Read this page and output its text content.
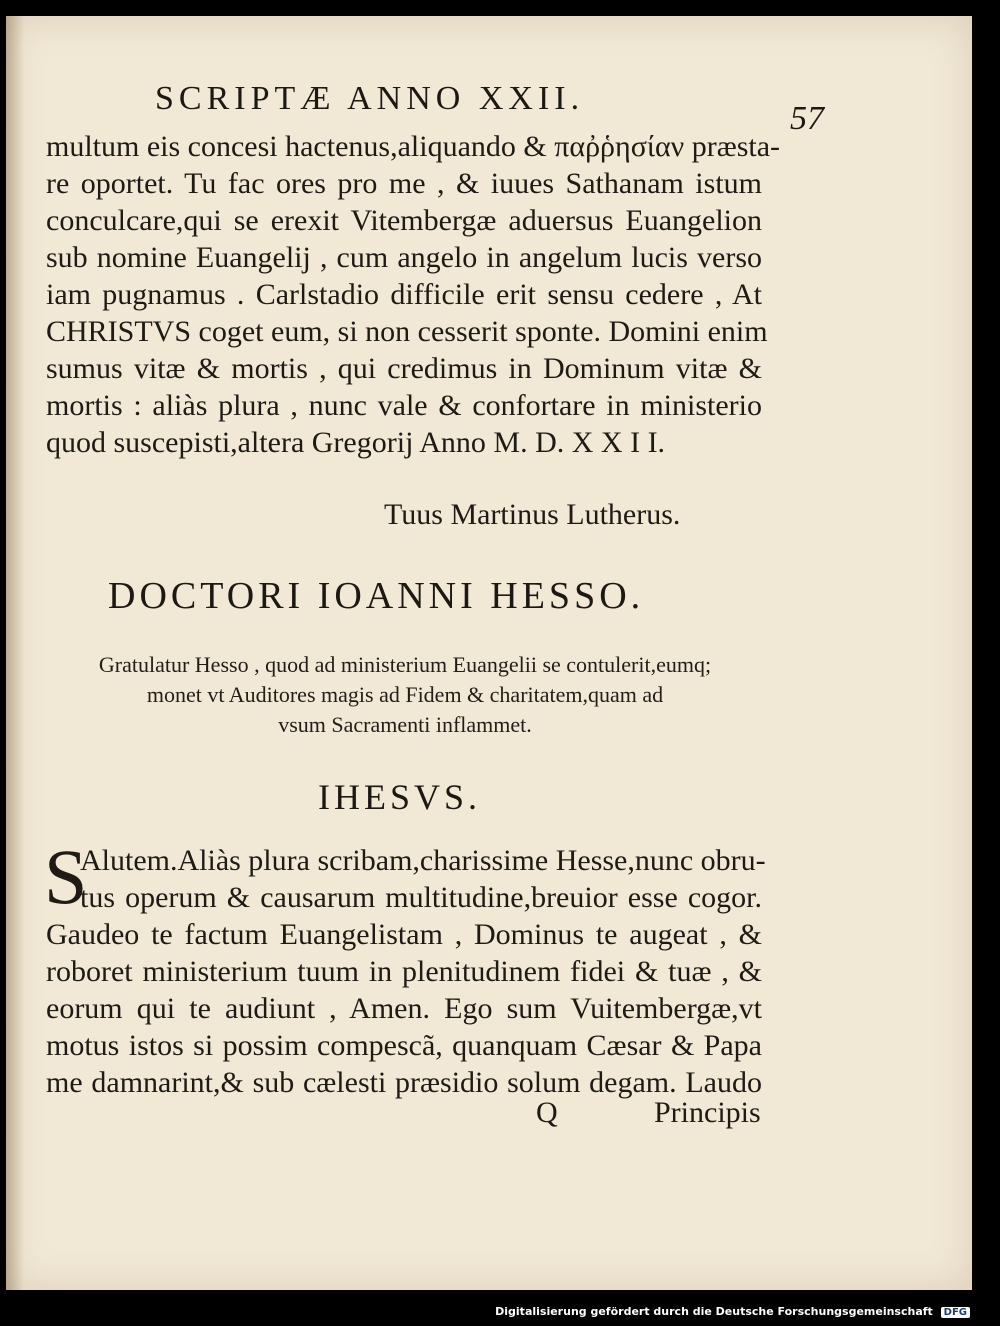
SCRIPTÆ ANNO XXII.
57
multum eis concesi hactenus,aliquando & παῤῥησίαν præsta-
re oportet. Tu fac ores pro me , & iuues Sathanam istum
conculcare,qui se erexit Vitembergæ aduersus Euangelion
sub nomine Euangelij , cum angelo in angelum lucis verso
iam pugnamus . Carlstadio difficile erit sensu cedere , At
CHRISTVS coget eum, si non cesserit sponte. Domini enim
sumus vitæ & mortis , qui credimus in Dominum vitæ &
mortis : aliàs plura , nunc vale & confortare in ministerio
quod suscepisti,altera Gregorij Anno M. D. X X I I.
Tuus Martinus Lutherus.
DOCTORI IOANNI HESSO.
Gratulatur Hesso , quod ad ministerium Euangelii se contulerit,eumq;
monet vt Auditores magis ad Fidem & charitatem,quam ad
vsum Sacramenti inflammet.
IHESVS.
S
Alutem.Aliàs plura scribam,charissime Hesse,nunc obru-
tus operum & causarum multitudine,breuior esse cogor.
Gaudeo te factum Euangelistam , Dominus te augeat , &
roboret ministerium tuum in plenitudinem fidei & tuæ , &
eorum qui te audiunt , Amen. Ego sum Vuitembergæ,vt
motus istos si possim compescã, quanquam Cæsar & Papa
me damnarint,& sub cælesti præsidio solum degam. Laudo
Q	Principis
Digitalisierung gefördert durch die Deutsche Forschungsgemeinschaft DFG
